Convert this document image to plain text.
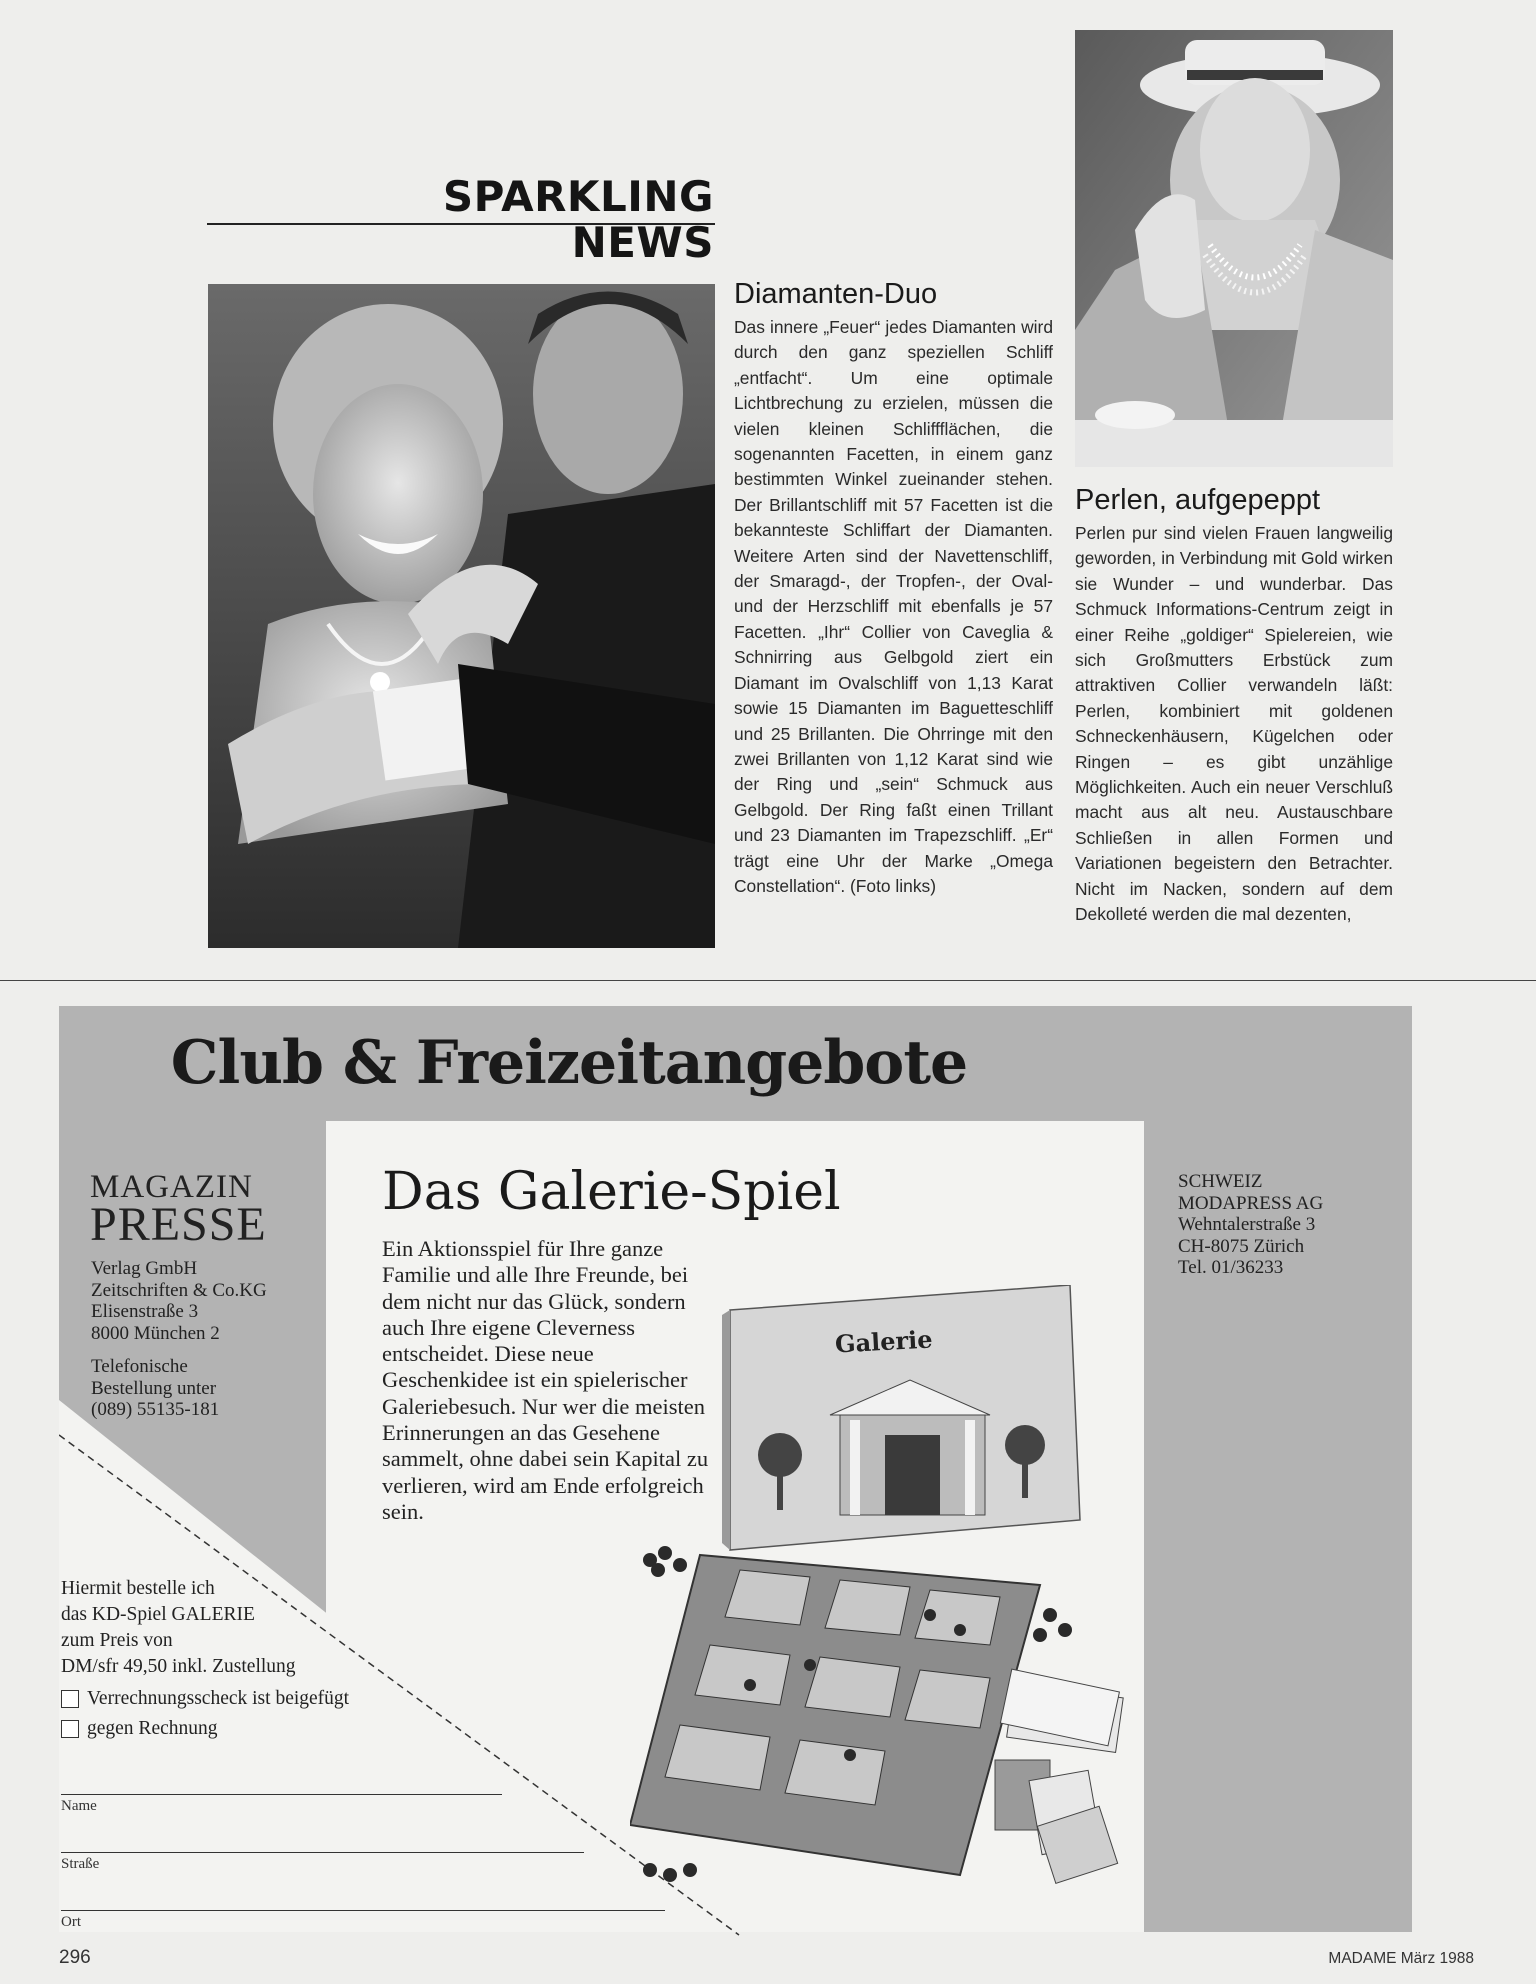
SPARKLING
NEWS
Diamanten-Duo

Das innere „Feuer“ jedes Diamanten wird durch den ganz speziellen Schliff „entfacht“. Um eine optimale Lichtbrechung zu erzielen, müssen die vielen kleinen Schliffflächen, die sogenannten Facetten, in einem ganz bestimmten Winkel zueinander stehen. Der Brillantschliff mit 57 Facetten ist die bekannteste Schliffart der Diamanten. Weitere Arten sind der Navettenschliff, der Smaragd-, der Tropfen-, der Oval- und der Herzschliff mit ebenfalls je 57 Facetten. „Ihr“ Collier von Caveglia & Schnirring aus Gelbgold ziert ein Diamant im Ovalschliff von 1,13 Karat sowie 15 Diamanten im Baguetteschliff und 25 Brillanten. Die Ohrringe mit den zwei Brillanten von 1,12 Karat sind wie der Ring und „sein“ Schmuck aus Gelbgold. Der Ring faßt einen Trillant und 23 Diamanten im Trapezschliff. „Er“ trägt eine Uhr der Marke „Omega Constellation“. (Foto links)

Perlen, aufgepeppt

Perlen pur sind vielen Frauen langweilig geworden, in Verbindung mit Gold wirken sie Wunder – und wunderbar. Das Schmuck Informations-Centrum zeigt in einer Reihe „goldiger“ Spielereien, wie sich Großmutters Erbstück zum attraktiven Collier verwandeln läßt: Perlen, kombiniert mit goldenen Schneckenhäusern, Kügelchen oder Ringen – es gibt unzählige Möglichkeiten. Auch ein neuer Verschluß macht aus alt neu. Austauschbare Schließen in allen Formen und Variationen begeistern den Betrachter. Nicht im Nacken, sondern auf dem Dekolleté werden die mal dezenten,

Club & Freizeitangebote
MAGAZIN
PRESSE
Verlag GmbH
Zeitschriften & Co.KG
Elisenstraße 3
8000 München 2
Telefonische
Bestellung unter
(089) 55135-181
SCHWEIZ
MODAPRESS AG
Wehntalerstraße 3
CH-8075 Zürich
Tel. 01/36233
Das Galerie-Spiel

Ein Aktionsspiel für Ihre ganze Familie und alle Ihre Freunde, bei dem nicht nur das Glück, sondern auch Ihre eigene Cleverness entscheidet. Diese neue Geschenkidee ist ein spielerischer Galeriebesuch. Nur wer die meisten Erinnerungen an das Gesehene sammelt, ohne dabei sein Kapital zu verlieren, wird am Ende erfolgreich sein.

Galerie
Hiermit bestelle ich
das KD-Spiel GALERIE
zum Preis von
DM/sfr 49,50 inkl. Zustellung
Verrechnungsscheck ist beigefügt
gegen Rechnung
Name
Straße
Ort
296	MADAME März 1988
